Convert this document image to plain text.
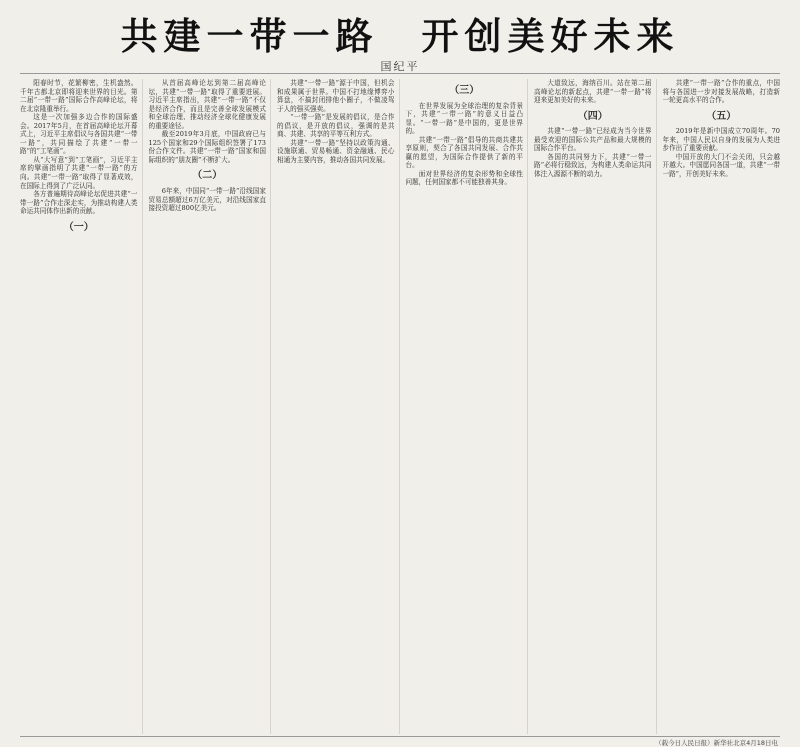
共建一带一路　开创美好未来
国纪平

阳春时节，花繁柳密，生机盎然。千年古都北京即将迎来世界的目光。第二届“一带一路”国际合作高峰论坛，将在北京隆重举行。

这是一次加强多边合作的国际盛会。2017年5月，在首届高峰论坛开幕式上，习近平主席倡议与各国共建“一带一路”，共同描绘了共建“一带一路”的“工笔画”。

从“大写意”到“工笔画”，习近平主席的擘画指明了共建“一带一路”的方向。共建“一带一路”取得了显著成效，在国际上得到了广泛认同。

各方普遍期待高峰论坛促进共建“一带一路”合作走深走实，为推动构建人类命运共同体作出新的贡献。

（一）

从首届高峰论坛到第二届高峰论坛，共建“一带一路”取得了重要进展。习近平主席指出，共建“一带一路”不仅是经济合作，而且是完善全球发展模式和全球治理、推动经济全球化健康发展的重要途径。

截至2019年3月底，中国政府已与125个国家和29个国际组织签署了173份合作文件。共建“一带一路”国家和国际组织的“朋友圈”不断扩大。

（二）

6年来，中国同“一带一路”沿线国家贸易总额超过6万亿美元，对沿线国家直接投资超过800亿美元。

共建“一带一路”源于中国，但机会和成果属于世界。中国不打地缘博弈小算盘，不搞封闭排他小圈子，不做凌驾于人的强买强卖。

“一带一路”是发展的倡议，是合作的倡议，是开放的倡议，强调的是共商、共建、共享的平等互利方式。

共建“一带一路”坚持以政策沟通、设施联通、贸易畅通、资金融通、民心相通为主要内容，推动各国共同发展。

（三）

在世界发展为全球治理的复杂背景下，共建“一带一路”的意义日益凸显。“一带一路”是中国的，更是世界的。

共建“一带一路”倡导的共商共建共享原则，契合了各国共同发展、合作共赢的愿望，为国际合作提供了新的平台。

面对世界经济的复杂形势和全球性问题，任何国家都不可能独善其身。

大道致远，海纳百川。站在第二届高峰论坛的新起点，共建“一带一路”将迎来更加美好的未来。

（四）

共建“一带一路”已经成为当今世界最受欢迎的国际公共产品和最大规模的国际合作平台。

各国的共同努力下，共建“一带一路”必将行稳致远，为构建人类命运共同体注入源源不断的动力。

共建“一带一路”合作的重点，中国将与各国进一步对接发展战略，打造新一轮更高水平的合作。

（五）

2019年是新中国成立70周年。70年来，中国人民以自身的发展为人类进步作出了重要贡献。

中国开放的大门不会关闭，只会越开越大。中国愿同各国一道，共建“一带一路”，开创美好未来。

（载今日人民日报）新华社北京4月18日电
